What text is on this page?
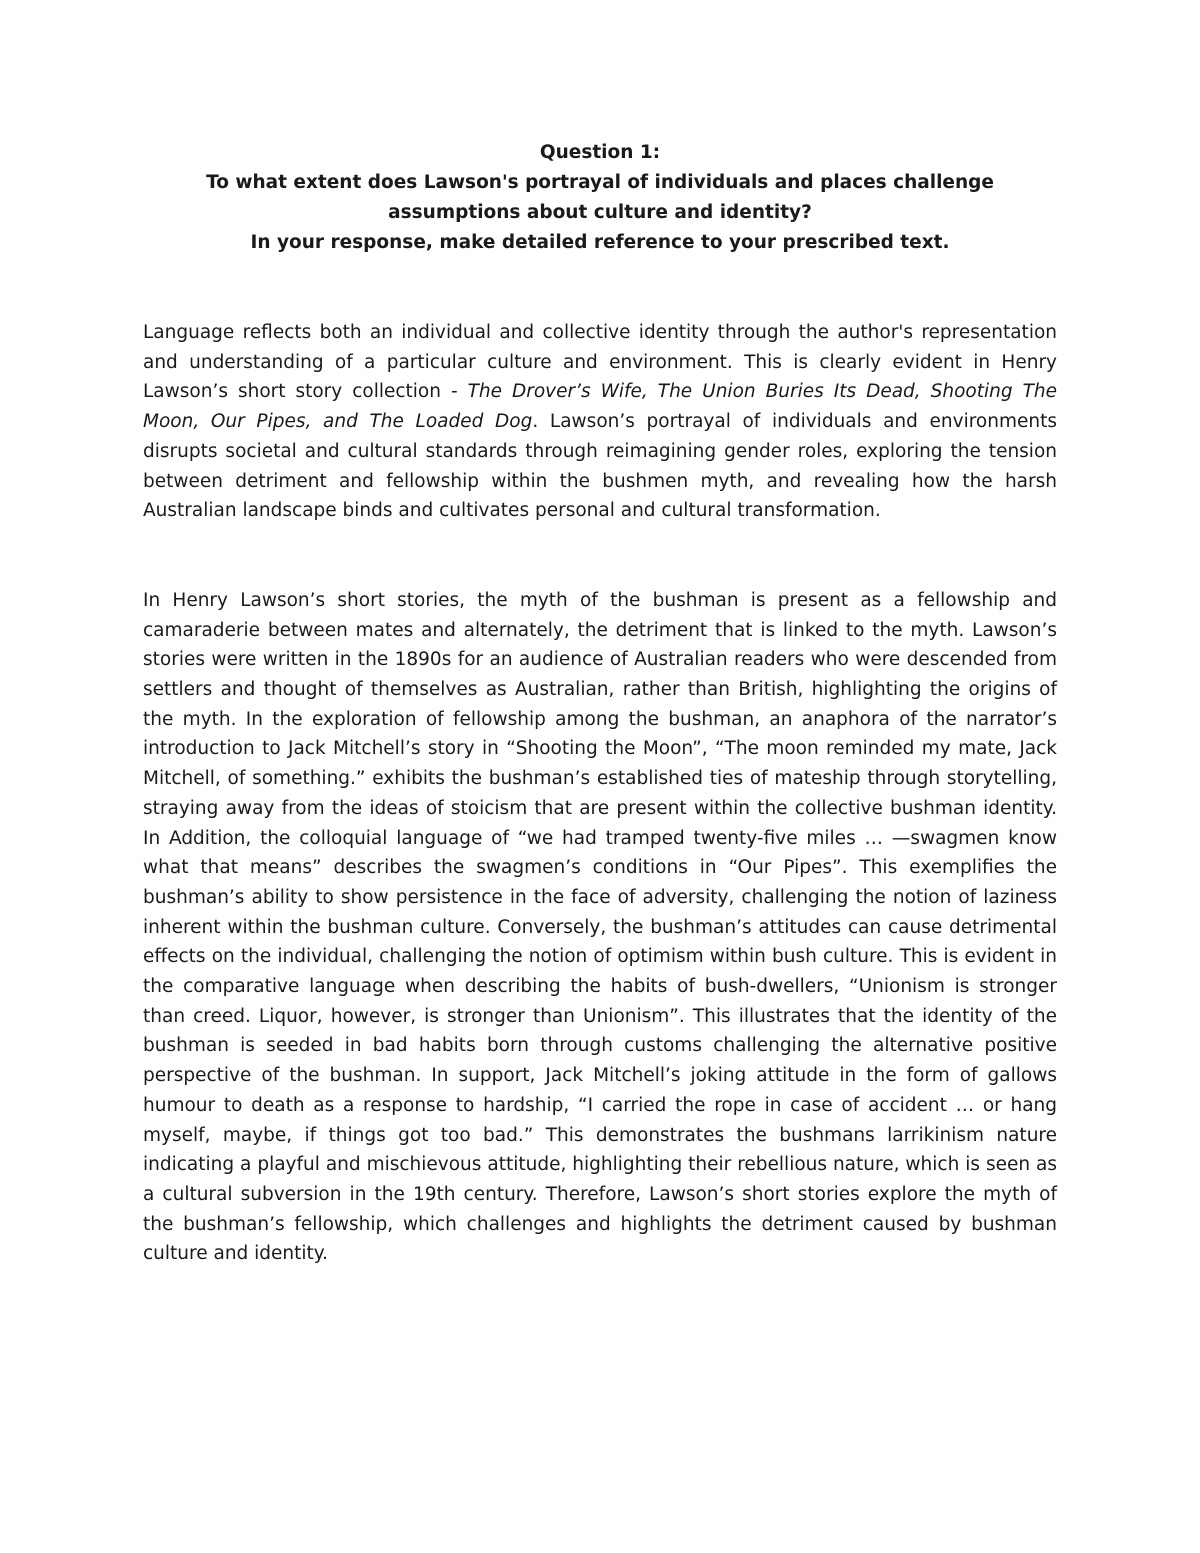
Question 1:
To what extent does Lawson's portrayal of individuals and places challenge
assumptions about culture and identity?
In your response, make detailed reference to your prescribed text.

Language reflects both an individual and collective identity through the author's representation and understanding of a particular culture and environment. This is clearly evident in Henry Lawson’s short story collection - The Drover’s Wife, The Union Buries Its Dead, Shooting The Moon, Our Pipes, and The Loaded Dog. Lawson’s portrayal of individuals and environments disrupts societal and cultural standards through reimagining gender roles, exploring the tension between detriment and fellowship within the bushmen myth, and revealing how the harsh Australian landscape binds and cultivates personal and cultural transformation.

In Henry Lawson’s short stories, the myth of the bushman is present as a fellowship and camaraderie between mates and alternately, the detriment that is linked to the myth. Lawson’s stories were written in the 1890s for an audience of Australian readers who were descended from settlers and thought of themselves as Australian, rather than British, highlighting the origins of the myth. In the exploration of fellowship among the bushman, an anaphora of the narrator’s introduction to Jack Mitchell’s story in “Shooting the Moon”, “The moon reminded my mate, Jack Mitchell, of something.” exhibits the bushman’s established ties of mateship through storytelling, straying away from the ideas of stoicism that are present within the collective bushman identity. In Addition, the colloquial language of “we had tramped twenty-five miles … —swagmen know what that means” describes the swagmen’s conditions in “Our Pipes”. This exemplifies the bushman’s ability to show persistence in the face of adversity, challenging the notion of laziness inherent within the bushman culture. Conversely, the bushman’s attitudes can cause detrimental effects on the individual, challenging the notion of optimism within bush culture. This is evident in the comparative language when describing the habits of bush-dwellers, “Unionism is stronger than creed. Liquor, however, is stronger than Unionism”. This illustrates that the identity of the bushman is seeded in bad habits born through customs challenging the alternative positive perspective of the bushman. In support, Jack Mitchell’s joking attitude in the form of gallows humour to death as a response to hardship, “I carried the rope in case of accident … or hang myself, maybe, if things got too bad.” This demonstrates the bushmans larrikinism nature indicating a playful and mischievous attitude, highlighting their rebellious nature, which is seen as a cultural subversion in the 19th century. Therefore, Lawson’s short stories explore the myth of the bushman’s fellowship, which challenges and highlights the detriment caused by bushman culture and identity.
